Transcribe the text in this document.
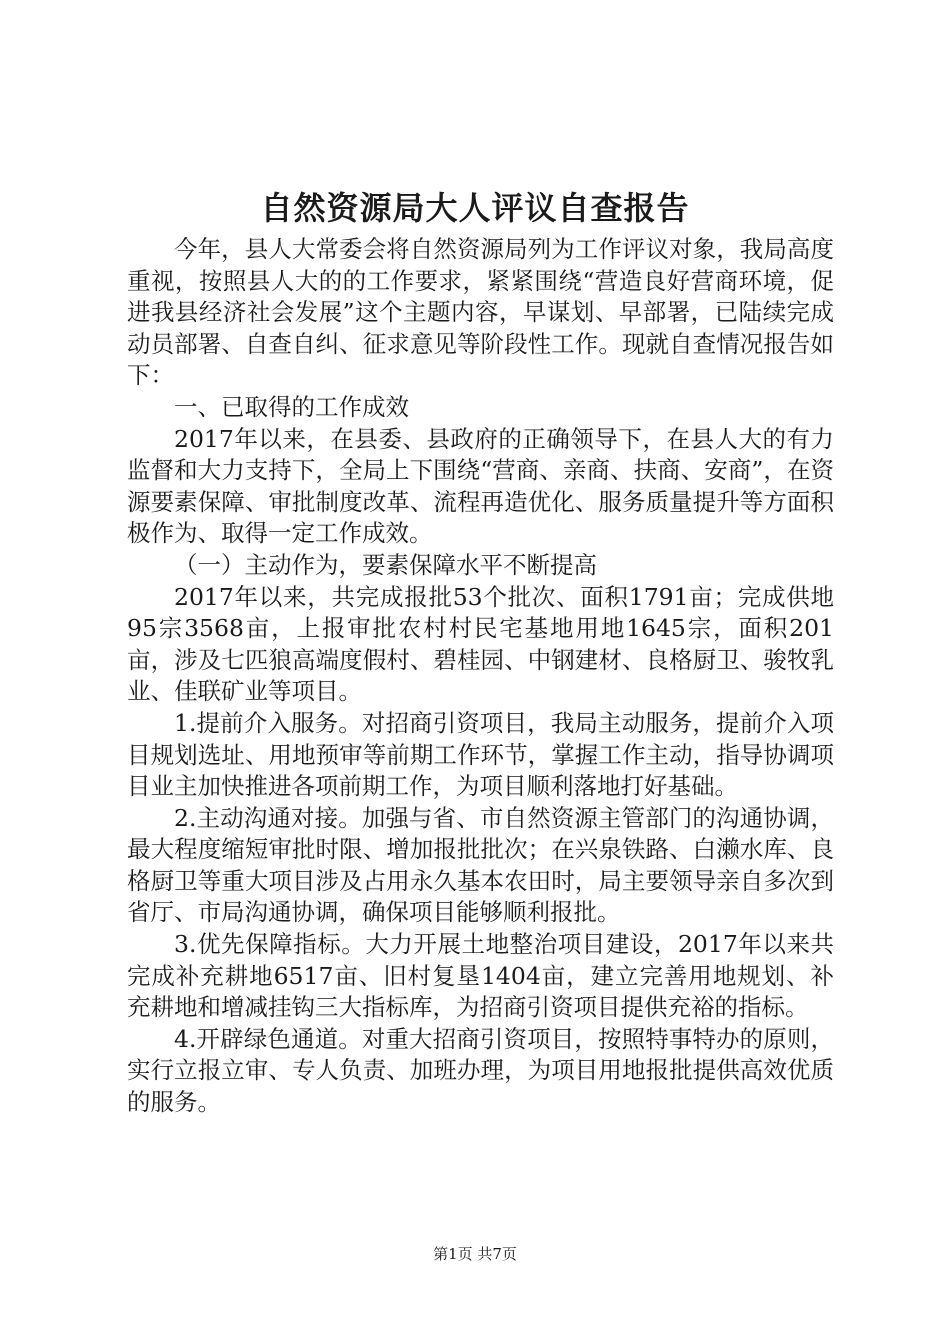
自然资源局大人评议自查报告

今年，县人大常委会将自然资源局列为工作评议对象，我局高度重视，按照县人大的的工作要求，紧紧围绕“营造良好营商环境，促进我县经济社会发展”这个主题内容，早谋划、早部署，已陆续完成动员部署、自查自纠、征求意见等阶段性工作。现就自查情况报告如下：

一、已取得的工作成效

2017年以来，在县委、县政府的正确领导下，在县人大的有力监督和大力支持下，全局上下围绕“营商、亲商、扶商、安商”，在资源要素保障、审批制度改革、流程再造优化、服务质量提升等方面积极作为、取得一定工作成效。

（一）主动作为，要素保障水平不断提高

2017年以来，共完成报批53个批次、面积1791亩；完成供地95宗3568亩，上报审批农村村民宅基地用地1645宗，面积201亩，涉及七匹狼高端度假村、碧桂园、中钢建材、良格厨卫、骏牧乳业、佳联矿业等项目。

1.提前介入服务。对招商引资项目，我局主动服务，提前介入项目规划选址、用地预审等前期工作环节，掌握工作主动，指导协调项目业主加快推进各项前期工作，为项目顺利落地打好基础。

2.主动沟通对接。加强与省、市自然资源主管部门的沟通协调，最大程度缩短审批时限、增加报批批次；在兴泉铁路、白濑水库、良格厨卫等重大项目涉及占用永久基本农田时，局主要领导亲自多次到省厅、市局沟通协调，确保项目能够顺利报批。

3.优先保障指标。大力开展土地整治项目建设，2017年以来共完成补充耕地6517亩、旧村复垦1404亩，建立完善用地规划、补充耕地和增减挂钩三大指标库，为招商引资项目提供充裕的指标。

4.开辟绿色通道。对重大招商引资项目，按照特事特办的原则，实行立报立审、专人负责、加班办理，为项目用地报批提供高效优质的服务。

第1页 共7页
